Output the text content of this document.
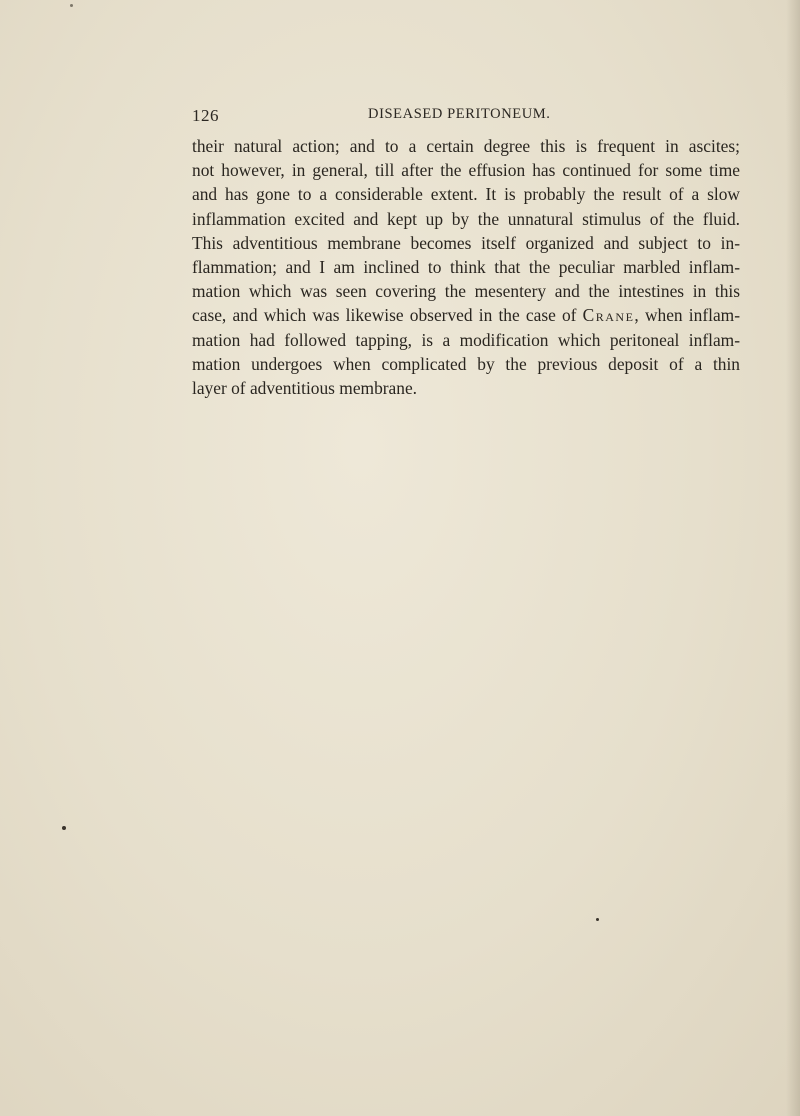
126	DISEASED PERITONEUM.
their natural action; and to a certain degree this is frequent in ascites;
not however, in general, till after the effusion has continued for some time
and has gone to a considerable extent. It is probably the result of a slow
inflammation excited and kept up by the unnatural stimulus of the fluid.
This adventitious membrane becomes itself organized and subject to in-
flammation; and I am inclined to think that the peculiar marbled inflam-
mation which was seen covering the mesentery and the intestines in this
case, and which was likewise observed in the case of Crane, when inflam-
mation had followed tapping, is a modification which peritoneal inflam-
mation undergoes when complicated by the previous deposit of a thin
layer of adventitious membrane.
